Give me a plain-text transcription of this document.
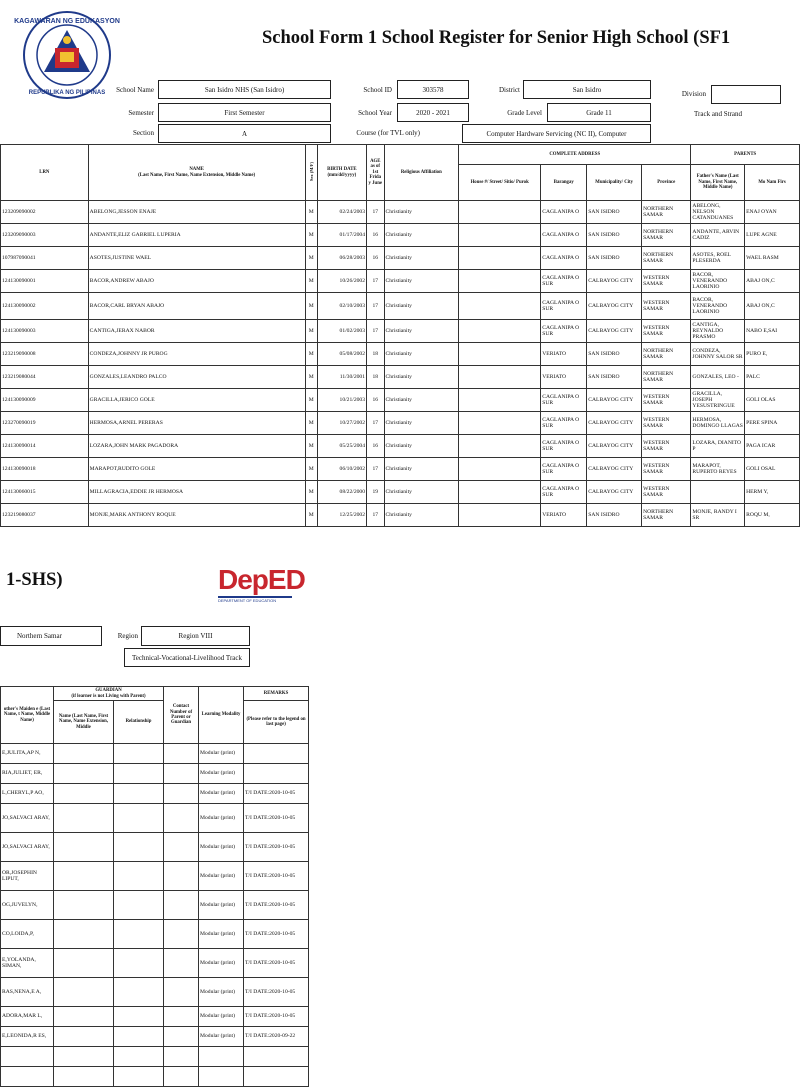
KAGAWARAN NG EDUKASYON
REPUBLIKA NG PILIPINAS
School Form 1 School Register for Senior High School (SF1
School Name	San Isidro NHS (San Isidro)	School ID	303578	District	San Isidro
Division
Semester	First Semester	School Year	2020 - 2021	Grade Level	Grade 11	Track and Strand
Section	A	Course (for TVL only)	Computer Hardware Servicing (NC II), Computer
LRN	NAME
(Last Name, First Name, Name Extension, Middle Name)	Sex (M/F)	BIRTH DATE (mm/dd/yyyy)	AGE as of 1st Frida y June	Religious Affiliation	COMPLETE ADDRESS				PARENTS	
						House #/ Street/ Sitio/ Purok	Barangay	Municipality/ City	Province	Father's Name (Last Name, First Name, Middle Name)	Mo Nam Firs
123209090002	ABELONG,JESSON ENAJE	M	02/24/2003	17	Christianity		CAGLANIPA O	SAN ISIDRO	NORTHERN SAMAR	ABELONG, NELSON CATANDUANES	ENAJ OYAN
123209090003	ANDANTE,ELIZ GABRIEL LUPERIA	M	01/17/2004	16	Christianity		CAGLANIPA O	SAN ISIDRO	NORTHERN SAMAR	ANDANTE, ARVIN CADIZ	LUPE AGNE
107987090041	ASOTES,JUSTINE WAEL	M	06/28/2003	16	Christianity		CAGLANIPA O	SAN ISIDRO	NORTHERN SAMAR	ASOTES, ROEL PLESERDA	WAEL RASM
124130090001	BACOR,ANDREW ABAJO	M	10/26/2002	17	Christianity		CAGLANIPA O SUR	CALBAYOG CITY	WESTERN SAMAR	BACOR, VENERANDO LAORINIO	ABAJ ON,C
124130090002	BACOR,CARL BRYAN ABAJO	M	02/10/2003	17	Christianity		CAGLANIPA O SUR	CALBAYOG CITY	WESTERN SAMAR	BACOR, VENERANDO LAORINIO	ABAJ ON,C
124130090003	CANTIGA,JERAX NABOR	M	01/02/2003	17	Christianity		CAGLANIPA O SUR	CALBAYOG CITY	WESTERN SAMAR	CANTIGA, REYNALDO PRASMO	NABO E,SAI
123219090008	CONDEZA,JOHNNY JR PUROG	M	05/08/2002	18	Christianity		VERIATO	SAN ISIDRO	NORTHERN SAMAR	CONDEZA, JOHNNY SALOR SR	PURO E,
123219080044	GONZALES,LEANDRO PALCO	M	11/30/2001	18	Christianity		VERIATO	SAN ISIDRO	NORTHERN SAMAR	GONZALES, LEO -	PALC
124130090009	GRACILLA,JERICO GOLE	M	10/21/2003	16	Christianity		CAGLANIPA O SUR	CALBAYOG CITY	WESTERN SAMAR	GRACILLA, JOSEPH YESUSTRINGUE	GOLI OLAS
123270090019	HERMOSA,ARNEL PERERAS	M	10/27/2002	17	Christianity		CAGLANIPA O SUR	CALBAYOG CITY	WESTERN SAMAR	HERMOSA, DOMINGO LLAGAS	PERE SPINA
124130090014	LOZARA,JOHN MARK PAGADORA	M	05/25/2004	16	Christianity		CAGLANIPA O SUR	CALBAYOG CITY	WESTERN SAMAR	LOZARA, DIANITO P	PAGA ICAR
124130090018	MARAPOT,RUDITO GOLE	M	06/10/2002	17	Christianity		CAGLANIPA O SUR	CALBAYOG CITY	WESTERN SAMAR	MARAPOT, RUPERTO REYES	GOLI OSAL
124130060015	MILLAGRACIA,EDDIE JR HERMOSA	M	08/22/2000	19	Christianity		CAGLANIPA O SUR	CALBAYOG CITY	WESTERN SAMAR		HERM Y,
123219080037	MONJE,MARK ANTHONY ROQUE	M	12/25/2002	17	Christianity		VERIATO	SAN ISIDRO	NORTHERN SAMAR	MONJE, RANDY I SR	ROQU M,
1-SHS)	DepED
DEPARTMENT OF EDUCATION
Northern Samar	Region	Region VIII
Technical-Vocational-Livelihood Track
other's Maiden e (Last Name, t Name, Middle Name)	GUARDIAN
(if learner is not Living with Parent)		Contact Number of Parent or Guardian	Learning Modality	REMARKS
	Name (Last Name, First Name, Name Extension, Middle	Relationship			(Please refer to the legend on last page)
E,JULITA,AP N,				Modular (print)	
RIA,JULIET, ER,				Modular (print)	
L,CHERYL,P AO,				Modular (print)	T/I DATE:2020-10-05
JO,SALVACI ARAY,				Modular (print)	T/I DATE:2020-10-05
JO,SALVACI ARAY,				Modular (print)	T/I DATE:2020-10-05
OR,JOSEPHIN LIPUT,				Modular (print)	T/I DATE:2020-10-05
OG,JUVELYN,				Modular (print)	T/I DATE:2020-10-05
CO,LOIDA,P,				Modular (print)	T/I DATE:2020-10-05
E,YOLANDA, SIMAN,				Modular (print)	T/I DATE:2020-10-05
RAS,NENA,E A,				Modular (print)	T/I DATE:2020-10-05
ADORA,MAR L,				Modular (print)	T/I DATE:2020-10-05
E,LEONIDA,R ES,				Modular (print)	T/I DATE:2020-09-22
